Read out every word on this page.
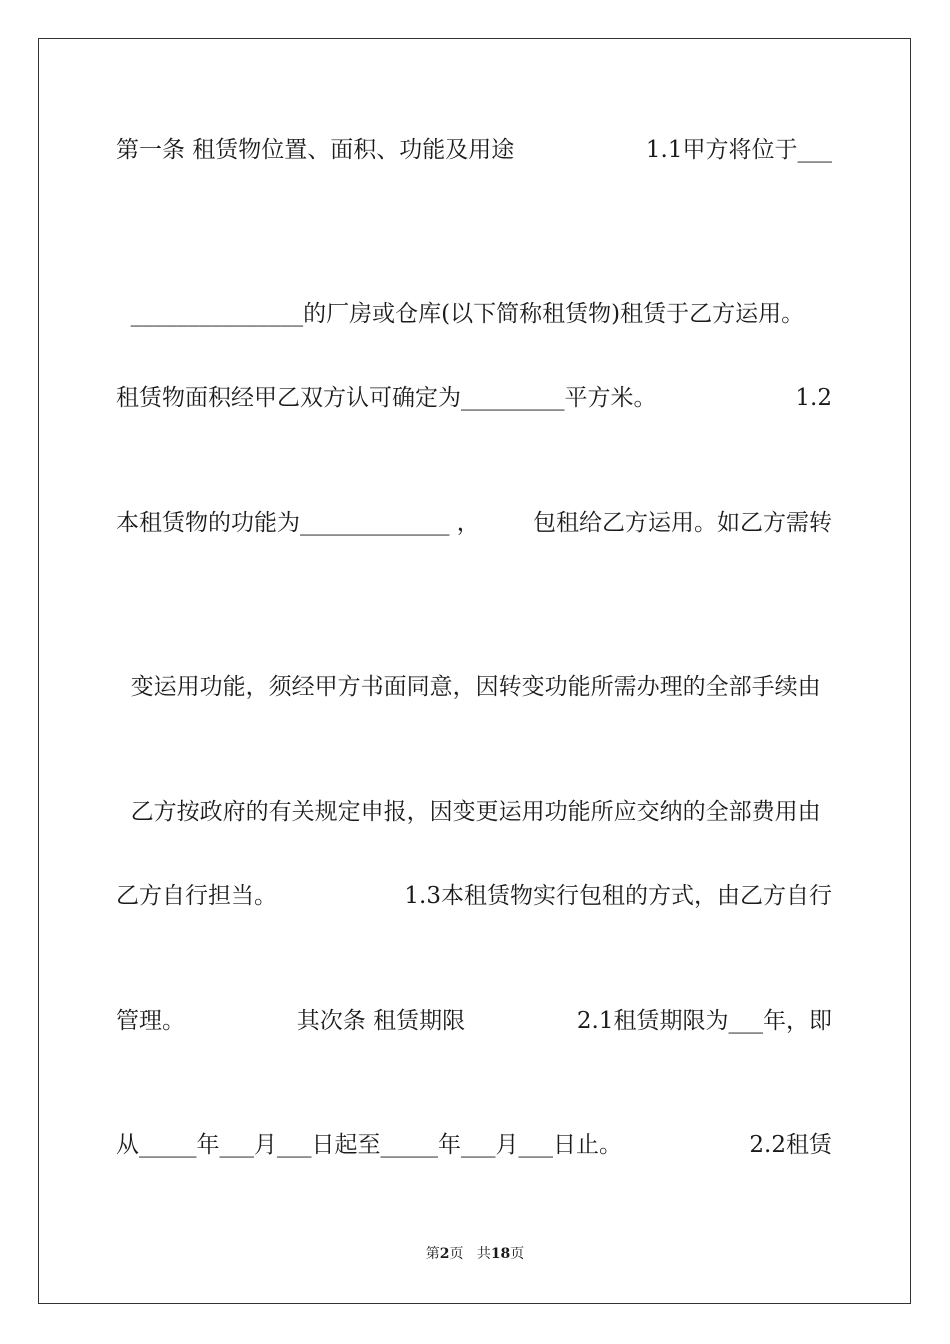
第一条 租赁物位置、面积、功能及用途	1.1甲方将位于___

_______________的厂房或仓库(以下简称租赁物)租赁于乙方运用。

租赁物面积经甲乙双方认可确定为_________平方米。	1.2
本租赁物的功能为_____________ ， 包租给乙方运用。如乙方需转

变运用功能，须经甲方书面同意，因转变功能所需办理的全部手续由

乙方按政府的有关规定申报，因变更运用功能所应交纳的全部费用由

乙方自行担当。	1.3本租赁物实行包租的方式，由乙方自行
管理。	其次条 租赁期限	2.1租赁期限为___年，即
从_____年___月___日起至_____年___月___日止。	2.2租赁
第2页 共18页
